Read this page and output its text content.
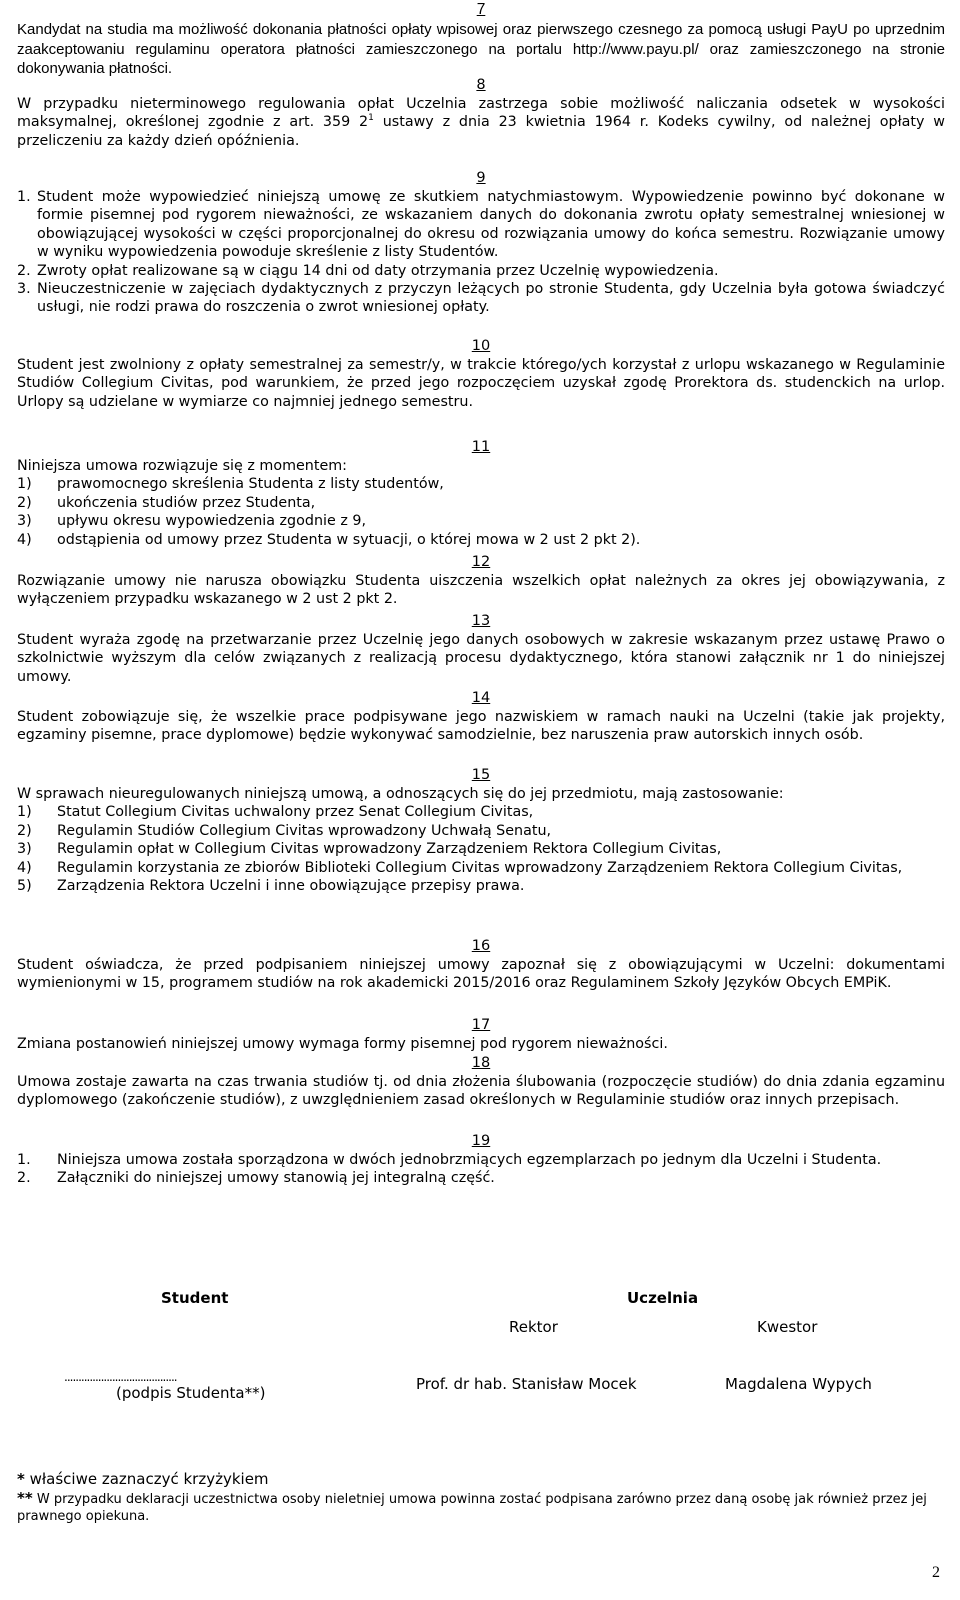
7

Kandydat na studia ma możliwość dokonania płatności opłaty wpisowej oraz pierwszego czesnego za pomocą usługi PayU po uprzednim zaakceptowaniu regulaminu operatora płatności zamieszczonego na portalu http://www.payu.pl/ oraz zamieszczonego na stronie dokonywania płatności.

8

W przypadku nieterminowego regulowania opłat Uczelnia zastrzega sobie możliwość naliczania odsetek w wysokości maksymalnej, określonej zgodnie z art. 359 $2^1$ ustawy z dnia 23 kwietnia 1964 r. Kodeks cywilny, od należnej opłaty w przeliczeniu za każdy dzień opóźnienia.

9
1. Student może wypowiedzieć niniejszą umowę ze skutkiem natychmiastowym. Wypowiedzenie powinno być dokonane w formie pisemnej pod rygorem nieważności, ze wskazaniem danych do dokonania zwrotu opłaty semestralnej wniesionej w obowiązującej wysokości w części proporcjonalnej do okresu od rozwiązania umowy do końca semestru. Rozwiązanie umowy w wyniku wypowiedzenia powoduje skreślenie z listy Studentów.
2. Zwroty opłat realizowane są w ciągu 14 dni od daty otrzymania przez Uczelnię wypowiedzenia.
3. Nieuczestniczenie w zajęciach dydaktycznych z przyczyn leżących po stronie Studenta, gdy Uczelnia była gotowa świadczyć usługi, nie rodzi prawa do roszczenia o zwrot wniesionej opłaty.
10

Student jest zwolniony z opłaty semestralnej za semestr/y, w trakcie którego/ych korzystał z urlopu wskazanego w Regulaminie Studiów Collegium Civitas, pod warunkiem, że przed jego rozpoczęciem uzyskał zgodę Prorektora ds. studenckich na urlop. Urlopy są udzielane w wymiarze co najmniej jednego semestru.

11

Niniejsza umowa rozwiązuje się z momentem:

1)	prawomocnego skreślenia Studenta z listy studentów,
2)	ukończenia studiów przez Studenta,
3)	upływu okresu wypowiedzenia zgodnie z 9,
4)	odstąpienia od umowy przez Studenta w sytuacji, o której mowa w 2 ust 2 pkt 2).
12

Rozwiązanie umowy nie narusza obowiązku Studenta uiszczenia wszelkich opłat należnych za okres jej obowiązywania, z wyłączeniem przypadku wskazanego w 2 ust 2 pkt 2.

13

Student wyraża zgodę na przetwarzanie przez Uczelnię jego danych osobowych w zakresie wskazanym przez ustawę Prawo o szkolnictwie wyższym dla celów związanych z realizacją procesu dydaktycznego, która stanowi załącznik nr 1 do niniejszej umowy.

14

Student zobowiązuje się, że wszelkie prace podpisywane jego nazwiskiem w ramach nauki na Uczelni (takie jak projekty, egzaminy pisemne, prace dyplomowe) będzie wykonywać samodzielnie, bez naruszenia praw autorskich innych osób.

15

W sprawach nieuregulowanych niniejszą umową, a odnoszących się do jej przedmiotu, mają zastosowanie:

1)	Statut Collegium Civitas uchwalony przez Senat Collegium Civitas,
2)	Regulamin Studiów Collegium Civitas wprowadzony Uchwałą Senatu,
3)	Regulamin opłat w Collegium Civitas wprowadzony Zarządzeniem Rektora Collegium Civitas,
4)	Regulamin korzystania ze zbiorów Biblioteki Collegium Civitas wprowadzony Zarządzeniem Rektora Collegium Civitas,
5)	Zarządzenia Rektora Uczelni i inne obowiązujące przepisy prawa.
16

Student oświadcza, że przed podpisaniem niniejszej umowy zapoznał się z obowiązującymi w Uczelni: dokumentami wymienionymi w 15, programem studiów na rok akademicki 2015/2016 oraz Regulaminem Szkoły Języków Obcych EMPiK.

17

Zmiana postanowień niniejszej umowy wymaga formy pisemnej pod rygorem nieważności.

18

Umowa zostaje zawarta na czas trwania studiów tj. od dnia złożenia ślubowania (rozpoczęcie studiów) do dnia zdania egzaminu dyplomowego (zakończenie studiów), z uwzględnieniem zasad określonych w Regulaminie studiów oraz innych przepisach.

19
1.	Niniejsza umowa została sporządzona w dwóch jednobrzmiących egzemplarzach po jednym dla Uczelni i Studenta.
2.	Załączniki do niniejszej umowy stanowią jej integralną część.
Student	Uczelnia
Rektor	Kwestor
........................................
(podpis Studenta**)	Prof. dr hab. Stanisław Mocek	Magdalena Wypych
* właściwe zaznaczyć krzyżykiem
** W przypadku deklaracji uczestnictwa osoby nieletniej umowa powinna zostać podpisana zarówno przez daną osobę jak również przez jej prawnego opiekuna.
2
